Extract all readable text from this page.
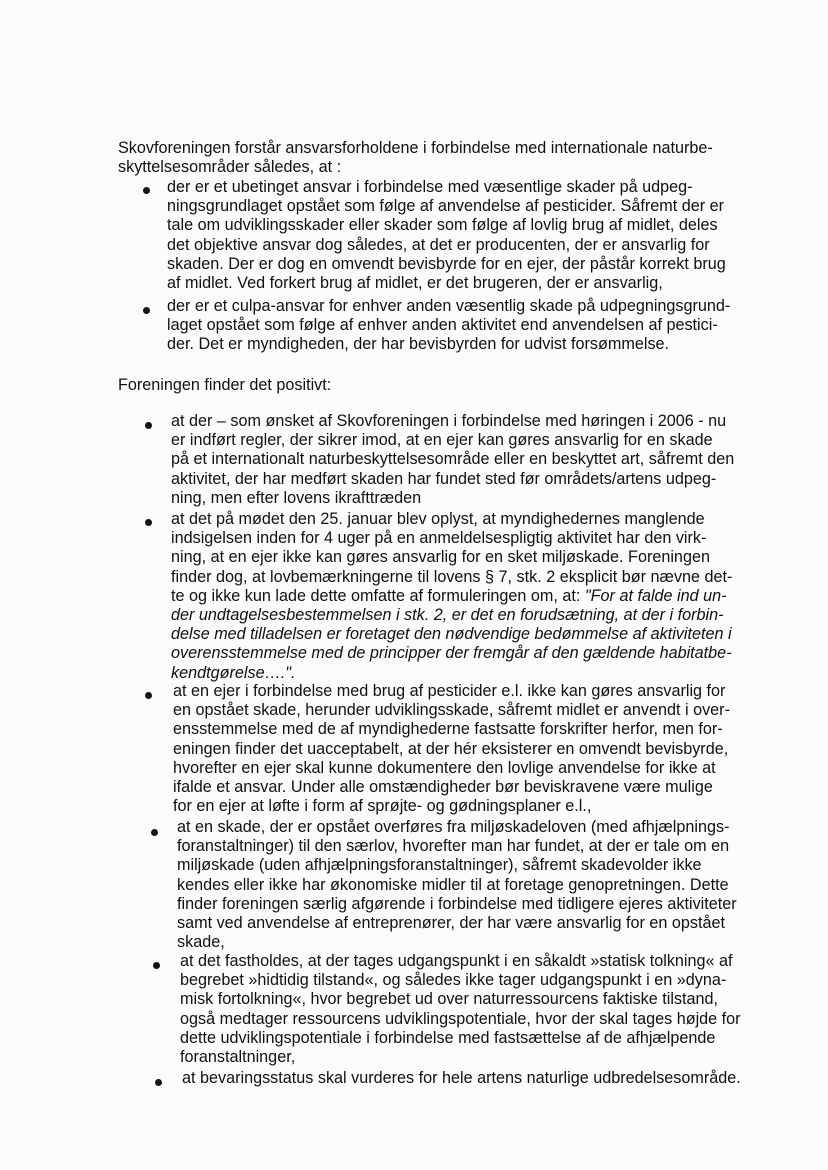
Skovforeningen forstår ansvarsforholdene i forbindelse med internationale naturbe-
skyttelsesområder således, at :
der er et ubetinget ansvar i forbindelse med væsentlige skader på udpeg-
ningsgrundlaget opstået som følge af anvendelse af pesticider. Såfremt der er
tale om udviklingsskader eller skader som følge af lovlig brug af midlet, deles
det objektive ansvar dog således, at det er producenten, der er ansvarlig for
skaden. Der er dog en omvendt bevisbyrde for en ejer, der påstår korrekt brug
af midlet. Ved forkert brug af midlet, er det brugeren, der er ansvarlig,
der er et culpa-ansvar for enhver anden væsentlig skade på udpegningsgrund-
laget opstået som følge af enhver anden aktivitet end anvendelsen af pestici-
der. Det er myndigheden, der har bevisbyrden for udvist forsømmelse.
Foreningen finder det positivt:
at der – som ønsket af Skovforeningen i forbindelse med høringen i 2006 - nu
er indført regler, der sikrer imod, at en ejer kan gøres ansvarlig for en skade
på et internationalt naturbeskyttelsesområde eller en beskyttet art, såfremt den
aktivitet, der har medført skaden har fundet sted før områdets/artens udpeg-
ning, men efter lovens ikrafttræden
at det på mødet den 25. januar blev oplyst, at myndighedernes manglende
indsigelsen inden for 4 uger på en anmeldelsespligtig aktivitet har den virk-
ning, at en ejer ikke kan gøres ansvarlig for en sket miljøskade. Foreningen
finder dog, at lovbemærkningerne til lovens § 7, stk. 2 eksplicit bør nævne det-
te og ikke kun lade dette omfatte af formuleringen om, at: "For at falde ind un-
der undtagelsesbestemmelsen i stk. 2, er det en forudsætning, at der i forbin-
delse med tilladelsen er foretaget den nødvendige bedømmelse af aktiviteten i
overensstemmelse med de principper der fremgår af den gældende habitatbe-
kendtgørelse….".
at en ejer i forbindelse med brug af pesticider e.l. ikke kan gøres ansvarlig for
en opstået skade, herunder udviklingsskade, såfremt midlet er anvendt i over-
ensstemmelse med de af myndighederne fastsatte forskrifter herfor, men for-
eningen finder det uacceptabelt, at der hér eksisterer en omvendt bevisbyrde,
hvorefter en ejer skal kunne dokumentere den lovlige anvendelse for ikke at
ifalde et ansvar. Under alle omstændigheder bør beviskravene være mulige
for en ejer at løfte i form af sprøjte- og gødningsplaner e.l.,
at en skade, der er opstået overføres fra miljøskadeloven (med afhjælpnings-
foranstaltninger) til den særlov, hvorefter man har fundet, at der er tale om en
miljøskade (uden afhjælpningsforanstaltninger), såfremt skadevolder ikke
kendes eller ikke har økonomiske midler til at foretage genopretningen. Dette
finder foreningen særlig afgørende i forbindelse med tidligere ejeres aktiviteter
samt ved anvendelse af entreprenører, der har være ansvarlig for en opstået
skade,
at det fastholdes, at der tages udgangspunkt i en såkaldt »statisk tolkning« af
begrebet »hidtidig tilstand«, og således ikke tager udgangspunkt i en »dyna-
misk fortolkning«, hvor begrebet ud over naturressourcens faktiske tilstand,
også medtager ressourcens udviklingspotentiale, hvor der skal tages højde for
dette udviklingspotentiale i forbindelse med fastsættelse af de afhjælpende
foranstaltninger,
at bevaringsstatus skal vurderes for hele artens naturlige udbredelsesområde.
